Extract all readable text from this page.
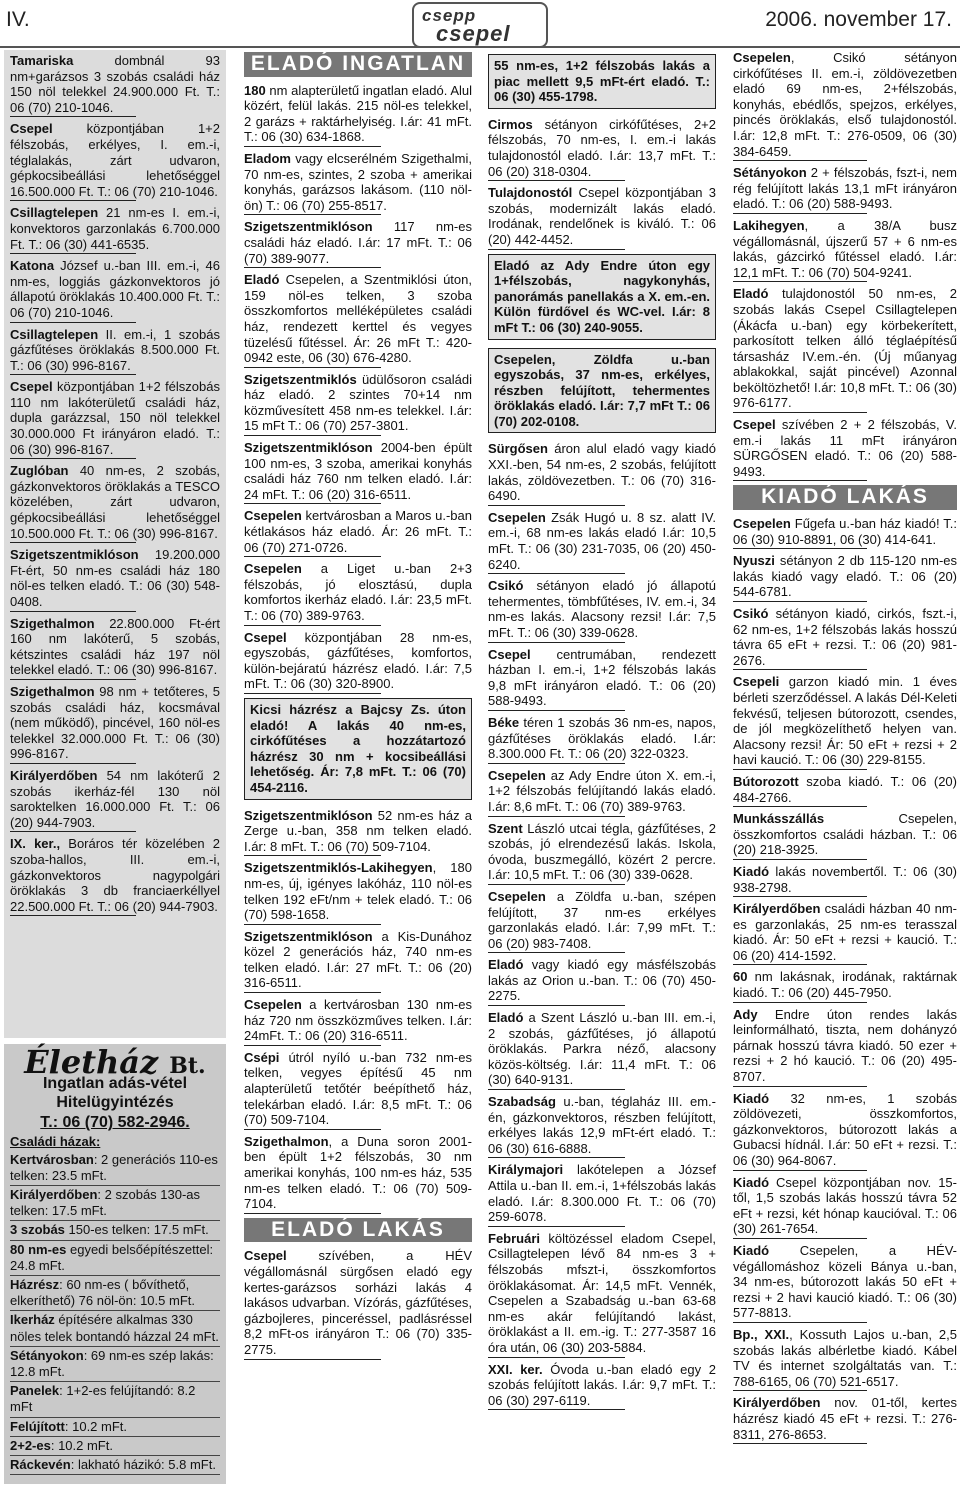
IV.	csepp
csepel
2006. november 17.
Tamariska dombnál 93 nm+garázsos 3 szobás családi ház 150 nöl telekkel 24.900.000 Ft. T.: 06 (70) 210-1046.
Csepel központjában 1+2 félszobás, erkélyes, I. em.-i, téglalakás, zárt udvaron, gépkocsibeállási lehetőséggel 16.500.000 Ft. T.: 06 (70) 210-1046.
Csillagtelepen 21 nm-es I. em.-i, konvektoros garzonlakás 6.700.000 Ft. T.: 06 (30) 441-6535.
Katona József u.-ban III. em.-i, 46 nm-es, loggiás gázkonvektoros jó állapotú öröklakás 10.400.000 Ft. T.: 06 (70) 210-1046.
Csillagtelepen II. em.-i, 1 szobás gázfűtéses öröklakás 8.500.000 Ft. T.: 06 (30) 996-8167.
Csepel központjában 1+2 félszobás 110 nm lakóterületű családi ház, dupla garázzsal, 150 nöl telekkel 30.000.000 Ft irányáron eladó. T.: 06 (30) 996-8167.
Zuglóban 40 nm-es, 2 szobás, gázkonvektoros öröklakás a TESCO közelében, zárt udvaron, gépkocsibeállási lehetőséggel 10.500.000 Ft. T.: 06 (30) 996-8167.
Szigetszentmiklóson 19.200.000 Ft-ért, 50 nm-es családi ház 180 nöl-es telken eladó. T.: 06 (30) 548-0408.
Szigethalmon 22.800.000 Ft-ért 160 nm lakóterű, 5 szobás, kétszintes családi ház 197 nöl telekkel eladó. T.: 06 (30) 996-8167.
Szigethalmon 98 nm + tetőteres, 5 szobás családi ház, kocsmával (nem működő), pincével, 160 nöl-es telekkel 32.000.000 Ft. T.: 06 (30) 996-8167.
Királyerdőben 54 nm lakóterű 2 szobás ikerház-fél 130 nöl saroktelken 16.000.000 Ft. T.: 06 (20) 944-7903.
IX. ker., Boráros tér közelében 2 szoba-hallos, III. em.-i, gázkonvektoros nagypolgári öröklakás 3 db franciaerkéllyel 22.500.000 Ft. T.: 06 (20) 944-7903.
Életház Bt.
Ingatlan adás-vétel
Hitelügyintézés
T.: 06 (70) 582-2946.
Családi házak:
Kertvárosban: 2 generációs 110-es telken: 23.5 mFt.
Királyerdőben: 2 szobás 130-as telken: 17.5 mFt.
3 szobás 150-es telken: 17.5 mFt.
80 nm-es egyedi belsőépítészettel: 24.8 mFt.
Házrész: 60 nm-es ( bővíthető, elkeríthető) 76 nöl-ön: 10.5 mFt.
Ikerház építésére alkalmas 330 nöles telek bontandó házzal 24 mFt.
Sétányokon: 69 nm-es szép lakás: 12.8 mFt.
Panelek: 1+2-es felújítandó: 8.2 mFt
Felújított: 10.2 mFt.
2+2-es: 10.2 mFt.
Ráckevén: lakható házikó: 5.8 mFt.
ELADÓ INGATLAN
180 nm alapterületű ingatlan eladó. Alul közért, felül lakás. 215 nöl-es telekkel, 2 garázs + raktárhelyiség. I.ár: 41 mFt. T.: 06 (30) 634-1868.
Eladom vagy elcserélném Szigethalmi, 70 nm-es, szintes, 2 szoba + amerikai konyhás, garázsos lakásom. (110 nöl-ön) T.: 06 (70) 255-8517.
Szigetszentmiklóson 117 nm-es családi ház eladó. I.ár: 17 mFt. T.: 06 (70) 389-9077.
Eladó Csepelen, a Szentmiklósi úton, 159 nöl-es telken, 3 szoba összkomfortos melléképületes családi ház, rendezett kerttel és vegyes tüzelésű fűtéssel. Ár: 26 mFt T.: 420-0942 este, 06 (30) 676-4280.
Szigetszentmiklós üdülősoron családi ház eladó. 2 szintes 70+14 nm közművesített 458 nm-es telekkel. I.ár: 15 mFt T.: 06 (70) 257-3801.
Szigetszentmiklóson 2004-ben épült 100 nm-es, 3 szoba, amerikai konyhás családi ház 760 nm telken eladó. I.ár: 24 mFt. T.: 06 (20) 316-6511.
Csepelen kertvárosban a Maros u.-ban kétlakásos ház eladó. Ár: 26 mFt. T.: 06 (70) 271-0726.
Csepelen a Liget u.-ban 2+3 félszobás, jó elosztású, dupla komfortos ikerház eladó. I.ár: 23,5 mFt. T.: 06 (70) 389-9763.
Csepel központjában 28 nm-es, egyszobás, gázfűtéses, komfortos, külön-bejáratú házrész eladó. I.ár: 7,5 mFt. T.: 06 (30) 320-8900.
Kicsi házrész a Bajcsy Zs. úton eladó! A lakás 40 nm-es, cirkófűtéses a hozzátartozó házrész 30 nm + kocsibeállási lehetőség. Ár: 7,8 mFt. T.: 06 (70) 454-2116.
Szigetszentmiklóson 52 nm-es ház a Zerge u.-ban, 358 nm telken eladó. I.ár: 8 mFt. T.: 06 (70) 509-7104.
Szigetszentmiklós-Lakihegyen, 180 nm-es, új, igényes lakóház, 110 nöl-es telken 192 eFt/nm + telek eladó. T.: 06 (70) 598-1658.
Szigetszentmiklóson a Kis-Dunához közel 2 generációs ház, 740 nm-es telken eladó. I.ár: 27 mFt. T.: 06 (20) 316-6511.
Csepelen a kertvárosban 130 nm-es ház 720 nm összközműves telken. I.ár: 24mFt. T.: 06 (20) 316-6511.
Csépi útról nyíló u.-ban 732 nm-es telken, vegyes építésű 45 nm alapterületű tetőtér beépíthető ház, telekárban eladó. I.ár: 8,5 mFt. T.: 06 (70) 509-7104.
Szigethalmon, a Duna soron 2001-ben épült 1+2 félszobás, 30 nm amerikai konyhás, 100 nm-es ház, 535 nm-es telken eladó. T.: 06 (70) 509-7104.
ELADÓ LAKÁS
Csepel szívében, a HÉV végállomásnál sürgősen eladó egy kertes-garázsos sorházi lakás 4 lakásos udvarban. Vízórás, gázfűtéses, gázbojleres, pinceréssel, padlásréssel 8,2 mFt-os irányáron T.: 06 (70) 335-2775.
55 nm-es, 1+2 félszobás lakás a piac mellett 9,5 mFt-ért eladó. T.: 06 (30) 455-1798.
Cirmos sétányon cirkófűtéses, 2+2 félszobás, 70 nm-es, I. em.-i lakás tulajdonostól eladó. I.ár: 13,7 mFt. T.: 06 (20) 318-0304.
Tulajdonostól Csepel központjában 3 szobás, modernizált lakás eladó. Irodának, rendelőnek is kiváló. T.: 06 (20) 442-4452.
Eladó az Ady Endre úton egy 1+félszobás, nagykonyhás, panorámás panellakás a X. em.-en. Külön fürdővel és WC-vel. I.ár: 8 mFt T.: 06 (30) 240-9055.
Csepelen, Zöldfa u.-ban egyszobás, 37 nm-es, erkélyes, részben felújított, tehermentes öröklakás eladó. I.ár: 7,7 mFt T.: 06 (70) 202-0108.
Sürgősen áron alul eladó vagy kiadó XXI.-ben, 54 nm-es, 2 szobás, felújított lakás, zöldövezetben. T.: 06 (70) 316-6490.
Csepelen Zsák Hugó u. 8 sz. alatt IV. em.-i, 68 nm-es lakás eladó I.ár: 10,5 mFt. T.: 06 (30) 231-7035, 06 (20) 450-6240.
Csikó sétányon eladó jó állapotú tehermentes, tömbfűtéses, IV. em.-i, 34 nm-es lakás. Alacsony rezsi! I.ár: 7,5 mFt. T.: 06 (30) 339-0628.
Csepel centrumában, rendezett házban I. em.-i, 1+2 félszobás lakás 9,8 mFt irányáron eladó. T.: 06 (20) 588-9493.
Béke téren 1 szobás 36 nm-es, napos, gázfűtéses öröklakás eladó. I.ár: 8.300.000 Ft. T.: 06 (20) 322-0323.
Csepelen az Ady Endre úton X. em.-i, 1+2 félszobás felújítandó lakás eladó. I.ár: 8,6 mFt. T.: 06 (70) 389-9763.
Szent László utcai tégla, gázfűtéses, 2 szobás, jó elrendezésű lakás. Iskola, óvoda, buszmegálló, közért 2 percre. I.ár: 10,5 mFt. T.: 06 (30) 339-0628.
Csepelen a Zöldfa u.-ban, szépen felújított, 37 nm-es erkélyes garzonlakás eladó. I.ár: 7,99 mFt. T.: 06 (20) 983-7408.
Eladó vagy kiadó egy másfélszobás lakás az Orion u.-ban. T.: 06 (70) 450-2275.
Eladó a Szent László u.-ban III. em.-i, 2 szobás, gázfűtéses, jó állapotú öröklakás. Parkra néző, alacsony közös-költség. I.ár: 11,4 mFt. T.: 06 (30) 640-9131.
Szabadság u.-ban, téglaház III. em.-én, gázkonvektoros, részben felújított, erkélyes lakás 12,9 mFt-ért eladó. T.: 06 (30) 616-6888.
Királymajori lakótelepen a József Attila u.-ban II. em.-i, 1+félszobás lakás eladó. I.ár: 8.300.000 Ft. T.: 06 (70) 259-6078.
Februári költözéssel eladom Csepel, Csillagtelepen lévő 84 nm-es 3 + félszobás mfszt-i, összkomfortos öröklakásomat. Ár: 14,5 mFt. Vennék, Csepelen a Szabadság u.-ban 63-68 nm-es akár felújítandó lakást, öröklakást a II. em.-ig. T.: 277-3587 16 óra után, 06 (30) 203-5884.
XXI. ker. Óvoda u.-ban eladó egy 2 szobás felújított lakás. I.ár: 9,7 mFt. T.: 06 (30) 297-6119.
Csepelen, Csikó sétányon cirkófűtéses II. em.-i, zöldövezetben eladó 69 nm-es, 2+félszobás, konyhás, ebédlős, spejzos, erkélyes, pincés öröklakás, első tulajdonostól. I.ár: 12,8 mFt. T.: 276-0509, 06 (30) 384-6459.
Sétányokon 2 + félszobás, fszt-i, nem rég felújított lakás 13,1 mFt irányáron eladó. T.: 06 (20) 588-9493.
Lakihegyen, a 38/A busz végállomásnál, újszerű 57 + 6 nm-es lakás, gázcirkó fűtéssel eladó. I.ár: 12,1 mFt. T.: 06 (70) 504-9241.
Eladó tulajdonostól 50 nm-es, 2 szobás lakás Csepel Csillagtelepen (Ákácfa u.-ban) egy körbekerített, parkosított telken álló téglaépítésű társasház IV.em.-én. (Új műanyag ablakokkal, saját pincével) Azonnal beköltözhető! I.ár: 10,8 mFt. T.: 06 (30) 976-6177.
Csepel szívében 2 + 2 félszobás, V. em.-i lakás 11 mFt irányáron SÜRGŐSEN eladó. T.: 06 (20) 588-9493.
KIADÓ LAKÁS
Csepelen Fűgefa u.-ban ház kiadó! T.: 06 (30) 910-8891, 06 (30) 414-641.
Nyuszi sétányon 2 db 115-120 nm-es lakás kiadó vagy eladó. T.: 06 (20) 544-6781.
Csikó sétányon kiadó, cirkós, fszt.-i, 62 nm-es, 1+2 félszobás lakás hosszú távra 65 eFt + rezsi. T.: 06 (20) 981-2676.
Csepeli garzon kiadó min. 1 éves bérleti szerződéssel. A lakás Dél-Keleti fekvésű, teljesen bútorozott, csendes, de jól megközelíthető helyen van. Alacsony rezsi! Ár: 50 eFt + rezsi + 2 havi kaució. T.: 06 (30) 229-8155.
Bútorozott szoba kiadó. T.: 06 (20) 484-2766.
Munkásszállás Csepelen, összkomfortos családi házban. T.: 06 (20) 218-3925.
Kiadó lakás novembertől. T.: 06 (30) 938-2798.
Királyerdőben családi házban 40 nm-es garzonlakás, 25 nm-es terasszal kiadó. Ár: 50 eFt + rezsi + kaució. T.: 06 (20) 414-1592.
60 nm lakásnak, irodának, raktárnak kiadó. T.: 06 (20) 445-7950.
Ady Endre úton rendes lakás leinformálható, tiszta, nem dohányzó párnak hosszú távra kiadó. 50 ezer + rezsi + 2 hó kaució. T.: 06 (20) 495-8707.
Kiadó 32 nm-es, 1 szobás zöldövezeti, összkomfortos, gázkonvektoros, bútorozott lakás a Gubacsi hídnál. I.ár: 50 eFt + rezsi. T.: 06 (30) 964-8067.
Kiadó Csepel központjában nov. 15-től, 1,5 szobás lakás hosszú távra 52 eFt + rezsi, két hónap kaucióval. T.: 06 (30) 261-7654.
Kiadó Csepelen, a HÉV-végállomáshoz közeli Bánya u.-ban, 34 nm-es, bútorozott lakás 50 eFt + rezsi + 2 havi kaució kiadó. T.: 06 (30) 577-8813.
Bp., XXI., Kossuth Lajos u.-ban, 2,5 szobás lakás albérletbe kiadó. Kábel TV és internet szolgáltatás van. T.: 788-6165, 06 (70) 521-6517.
Királyerdőben nov. 01-től, kertes házrész kiadó 45 eFt + rezsi. T.: 276-8311, 276-8653.
